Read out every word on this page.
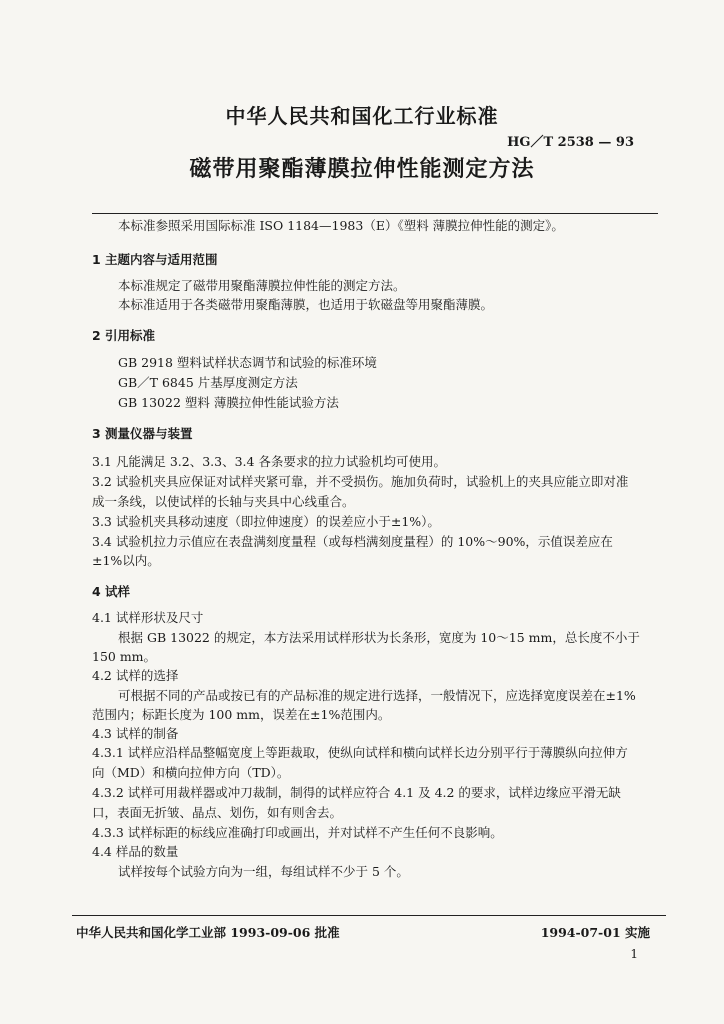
中华人民共和国化工行业标准
HG／T 2538 — 93
磁带用聚酯薄膜拉伸性能测定方法
本标准参照采用国际标准 ISO 1184—1983（E）《塑料 薄膜拉伸性能的测定》。
1 主题内容与适用范围
本标准规定了磁带用聚酯薄膜拉伸性能的测定方法。
本标准适用于各类磁带用聚酯薄膜，也适用于软磁盘等用聚酯薄膜。
2 引用标准
GB 2918 塑料试样状态调节和试验的标准环境
GB／T 6845 片基厚度测定方法
GB 13022 塑料 薄膜拉伸性能试验方法
3 测量仪器与装置
3.1 凡能满足 3.2、3.3、3.4 各条要求的拉力试验机均可使用。
3.2 试验机夹具应保证对试样夹紧可靠，并不受损伤。施加负荷时，试验机上的夹具应能立即对准
成一条线，以使试样的长轴与夹具中心线重合。
3.3 试验机夹具移动速度（即拉伸速度）的误差应小于±1%）。
3.4 试验机拉力示值应在表盘满刻度量程（或每档满刻度量程）的 10%～90%，示值误差应在
±1%以内。
4 试样
4.1 试样形状及尺寸
根据 GB 13022 的规定，本方法采用试样形状为长条形，宽度为 10～15 mm，总长度不小于
150 mm。
4.2 试样的选择
可根据不同的产品或按已有的产品标准的规定进行选择，一般情况下，应选择宽度误差在±1%
范围内；标距长度为 100 mm，误差在±1%范围内。
4.3 试样的制备
4.3.1 试样应沿样品整幅宽度上等距裁取，使纵向试样和横向试样长边分别平行于薄膜纵向拉伸方
向（MD）和横向拉伸方向（TD）。
4.3.2 试样可用裁样器或冲刀裁制，制得的试样应符合 4.1 及 4.2 的要求，试样边缘应平滑无缺
口，表面无折皱、晶点、划伤，如有则舍去。
4.3.3 试样标距的标线应准确打印或画出，并对试样不产生任何不良影响。
4.4 样品的数量
试样按每个试验方向为一组，每组试样不少于 5 个。
中华人民共和国化学工业部 1993-09-06 批准	1994-07-01 实施
1
